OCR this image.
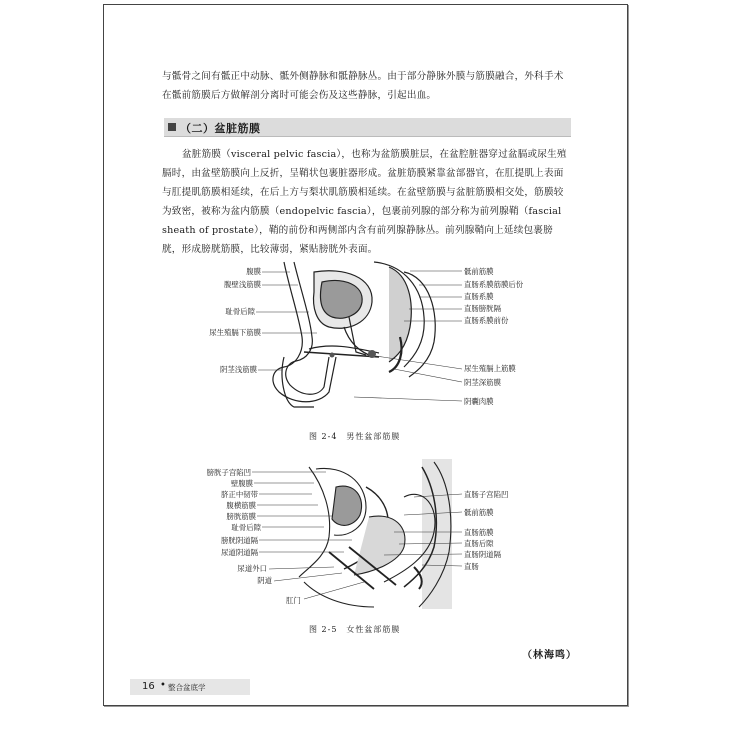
与骶骨之间有骶正中动脉、骶外侧静脉和骶静脉丛。由于部分静脉外膜与筋膜融合，外科手术在骶前筋膜后方做解剖分离时可能会伤及这些静脉，引起出血。
（二）盆脏筋膜
盆脏筋膜（visceral pelvic fascia），也称为盆筋膜脏层，在盆腔脏器穿过盆膈或尿生殖膈时，由盆壁筋膜向上反折，呈鞘状包裹脏器形成。盆脏筋膜紧靠盆部器官，在肛提肌上表面与肛提肌筋膜相延续，在后上方与梨状肌筋膜相延续。在盆壁筋膜与盆脏筋膜相交处，筋膜较为致密，被称为盆内筋膜（endopelvic fascia），包裹前列腺的部分称为前列腺鞘（fascial sheath of prostate），鞘的前份和两侧部内含有前列腺静脉丛。前列腺鞘向上延续包裹膀胱，形成膀胱筋膜，比较薄弱，紧贴膀胱外表面。
腹膜
腹壁浅筋膜
耻骨后隙
尿生殖膈下筋膜
阴茎浅筋膜
骶前筋膜
直肠系膜筋膜后份
直肠系膜
直肠膀胱隔
直肠系膜前份
尿生殖膈上筋膜
阴茎深筋膜
阴囊肉膜
图 2-4　男性盆部筋膜
膀胱子宫陷凹
壁腹膜
脐正中韧带
腹横筋膜
膀胱筋膜
耻骨后隙
膀胱阴道隔
尿道阴道隔
尿道外口
阴道
肛门
直肠子宫陷凹
骶前筋膜
直肠筋膜
直肠后隙
直肠阴道隔
直肠
图 2-5　女性盆部筋膜
（林海鸣）
16 • 整合盆底学
